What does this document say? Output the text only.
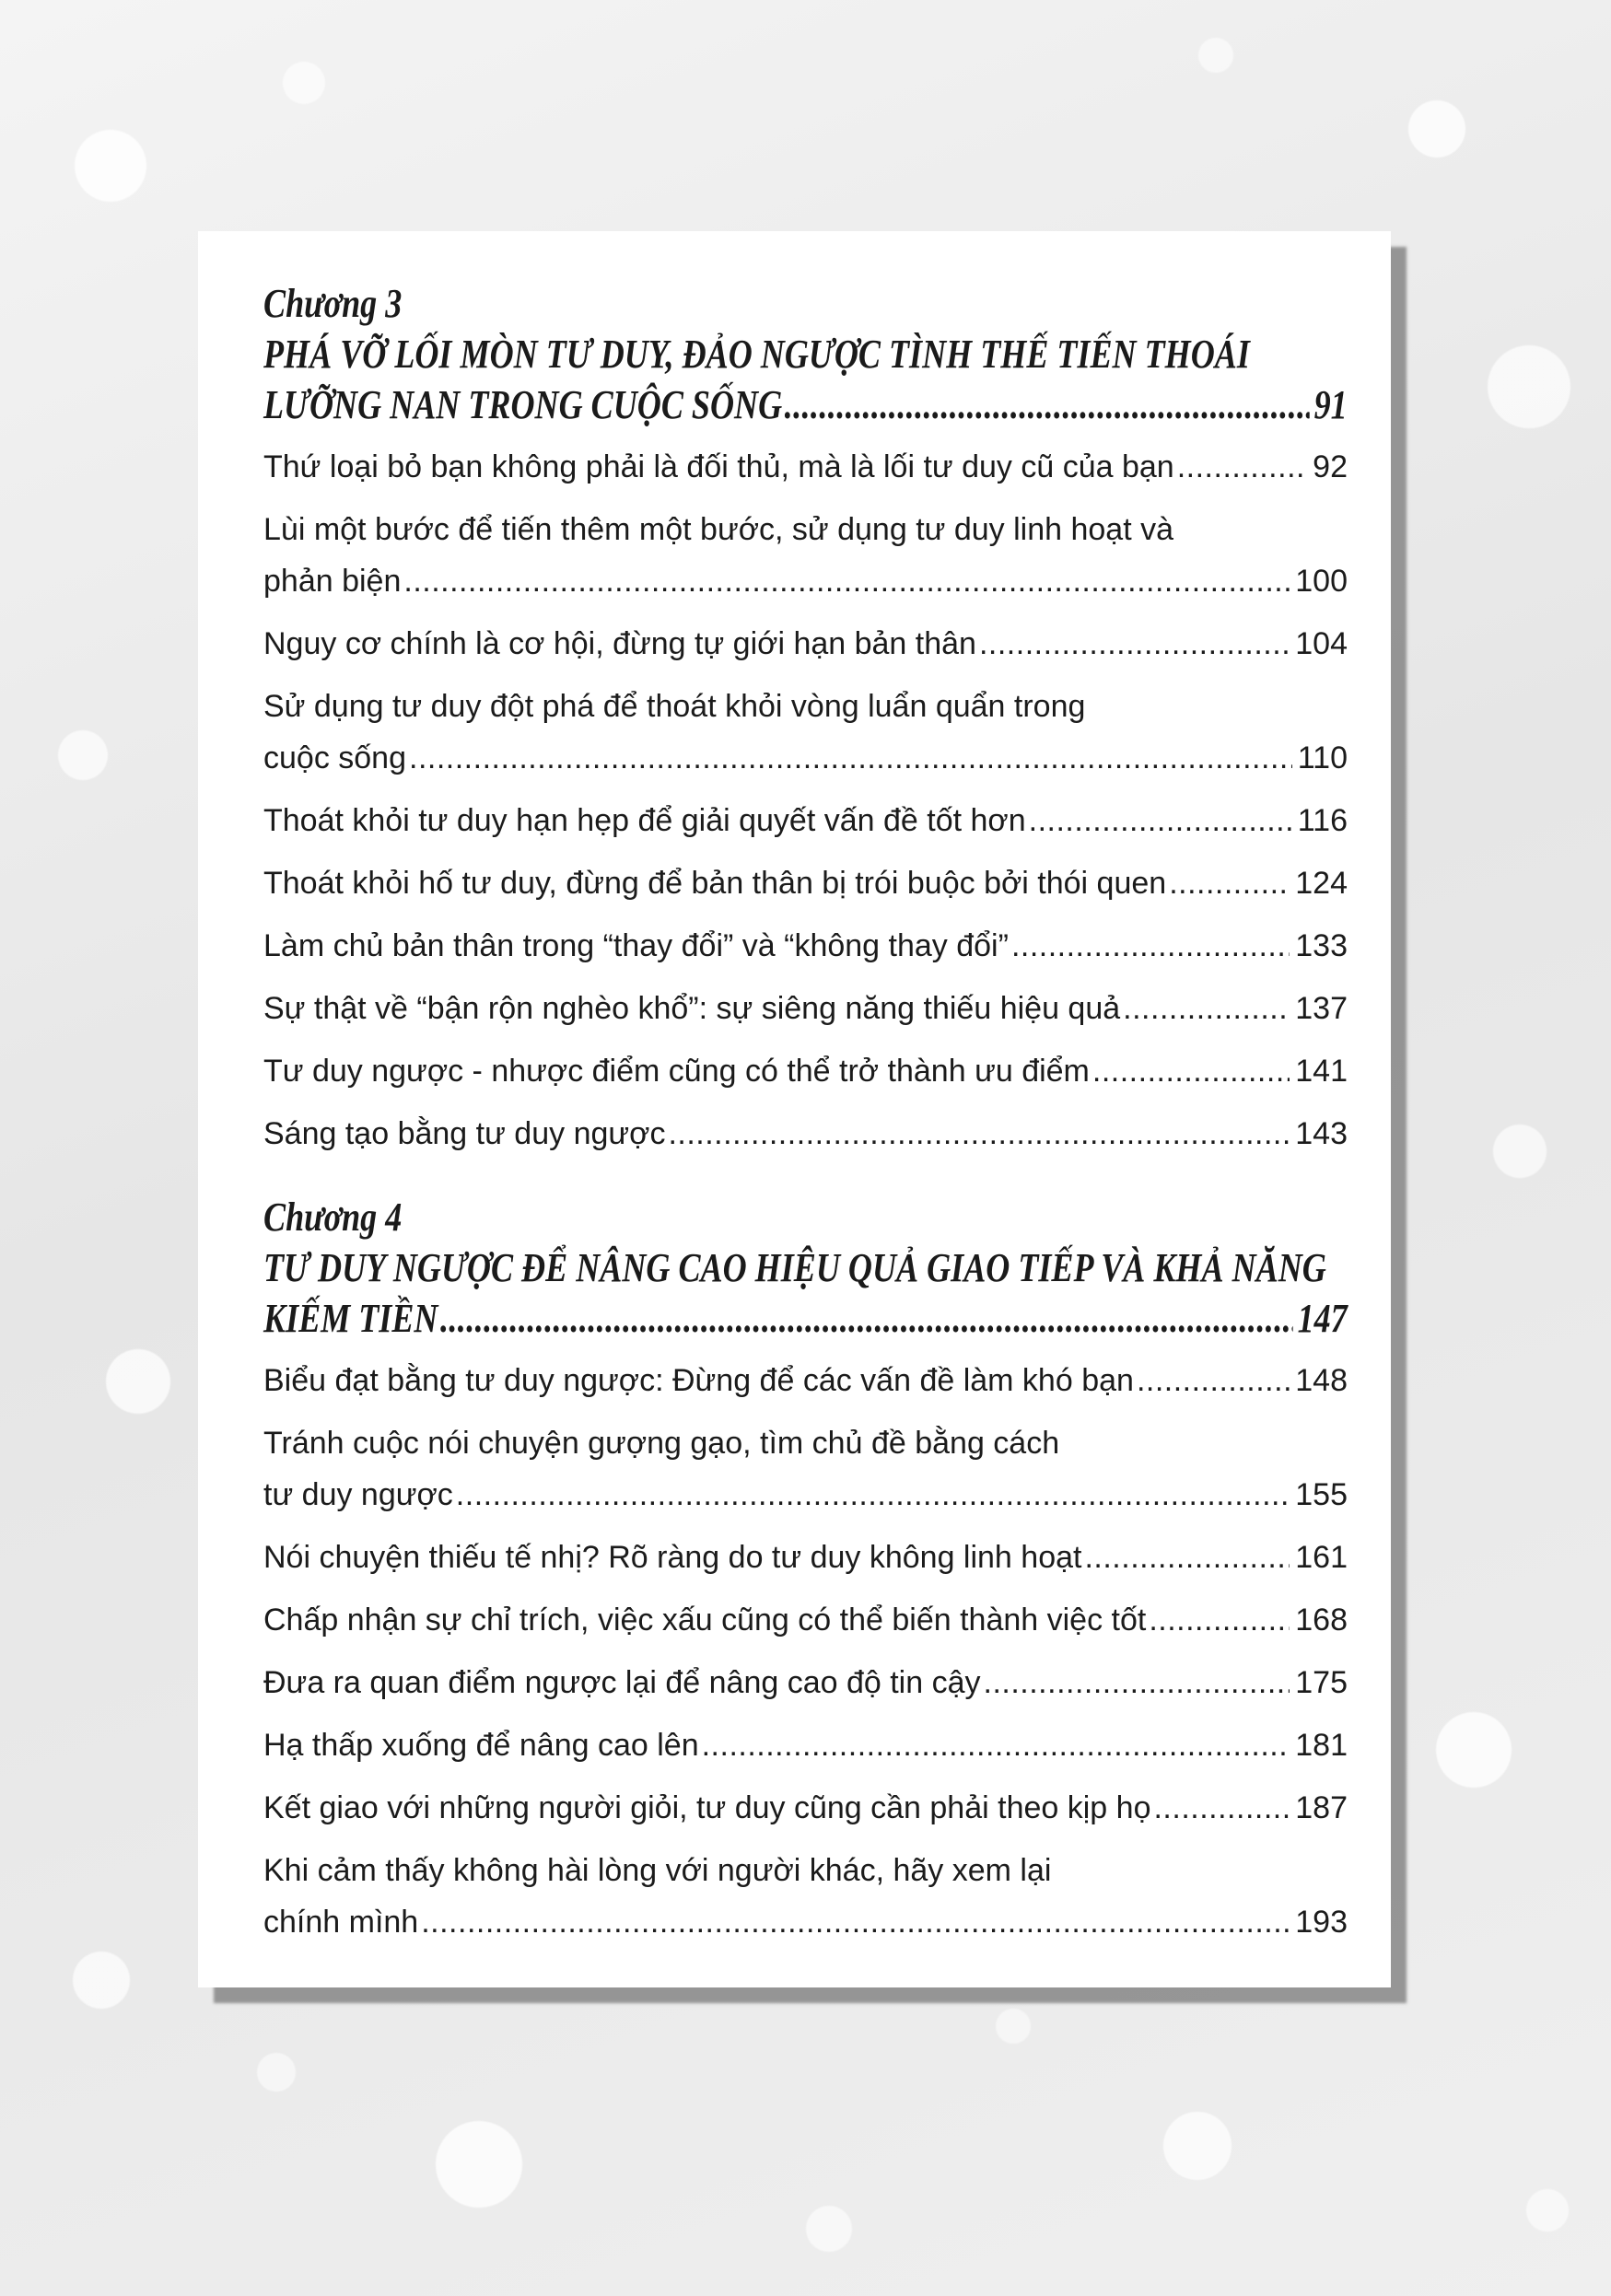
Chương 3
PHÁ VỠ LỐI MÒN TƯ DUY, ĐẢO NGƯỢC TÌNH THẾ TIẾN THOÁI
LƯỠNG NAN TRONG CUỘC SỐNG .....	91
Thứ loại bỏ bạn không phải là đối thủ, mà là lối tư duy cũ của bạn .....	92
Lùi một bước để tiến thêm một bước, sử dụng tư duy linh hoạt và
phản biện .....	100
Nguy cơ chính là cơ hội, đừng tự giới hạn bản thân .....	104
Sử dụng tư duy đột phá để thoát khỏi vòng luẩn quẩn trong
cuộc sống .....	110
Thoát khỏi tư duy hạn hẹp để giải quyết vấn đề tốt hơn .....	116
Thoát khỏi hố tư duy, đừng để bản thân bị trói buộc bởi thói quen .....	124
Làm chủ bản thân trong “thay đổi” và “không thay đổi” .....	133
Sự thật về “bận rộn nghèo khổ”: sự siêng năng thiếu hiệu quả .....	137
Tư duy ngược - nhược điểm cũng có thể trở thành ưu điểm .....	141
Sáng tạo bằng tư duy ngược .....	143
Chương 4
TƯ DUY NGƯỢC ĐỂ NÂNG CAO HIỆU QUẢ GIAO TIẾP VÀ KHẢ NĂNG
KIẾM TIỀN .....	147
Biểu đạt bằng tư duy ngược: Đừng để các vấn đề làm khó bạn .....	148
Tránh cuộc nói chuyện gượng gạo, tìm chủ đề bằng cách
tư duy ngược .....	155
Nói chuyện thiếu tế nhị? Rõ ràng do tư duy không linh hoạt .....	161
Chấp nhận sự chỉ trích, việc xấu cũng có thể biến thành việc tốt .....	168
Đưa ra quan điểm ngược lại để nâng cao độ tin cậy .....	175
Hạ thấp xuống để nâng cao lên .....	181
Kết giao với những người giỏi, tư duy cũng cần phải theo kịp họ .....	187
Khi cảm thấy không hài lòng với người khác, hãy xem lại
chính mình .....	193
